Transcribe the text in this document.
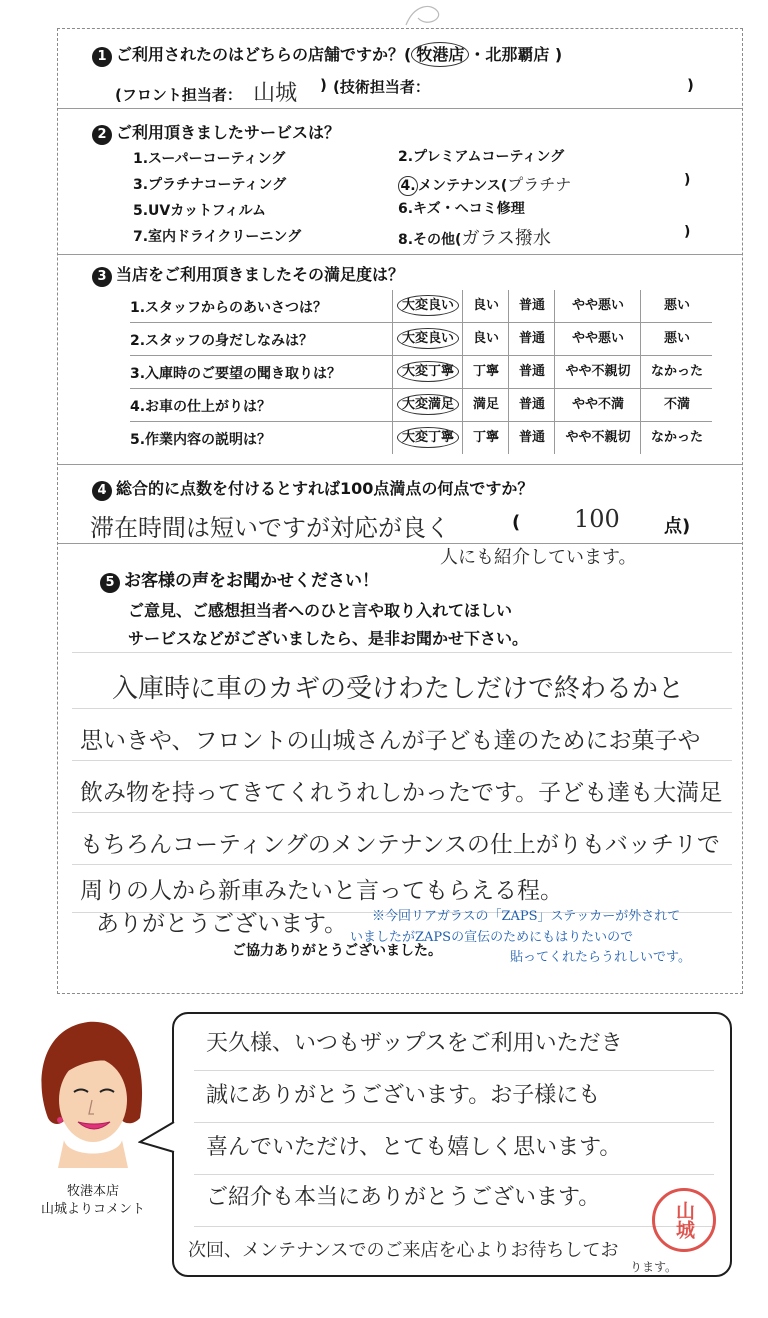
1 ご利用されたのはどちらの店舗ですか？( 牧港店 ・北那覇店 )
(フロント担当者： 山城 ) (技術担当者：	)
2 ご利用頂きましたサービスは？
1.スーパーコーティング	2.プレミアムコーティング
3.プラチナコーティング	4. メンテナンス(プラチナ	)
5.UVカットフィルム	6.キズ・ヘコミ修理
7.室内ドライクリーニング	8.その他(ガラス撥水	)
3 当店をご利用頂きましたその満足度は？
1.スタッフからのあいさつは？	大変良い	良い	普通	やや悪い	悪い
2.スタッフの身だしなみは？	大変良い	良い	普通	やや悪い	悪い
3.入庫時のご要望の聞き取りは？	大変丁寧	丁寧	普通	やや不親切	なかった
4.お車の仕上がりは？	大変満足	満足	普通	やや不満	不満
5.作業内容の説明は？	大変丁寧	丁寧	普通	やや不親切	なかった
4 総合的に点数を付けるとすれば100点満点の何点ですか？
滞在時間は短いですが対応が良く	( 100 点)
人にも紹介しています。
5 お客様の声をお聞かせください！
ご意見、ご感想担当者へのひと言や取り入れてほしい
サービスなどがございましたら、是非お聞かせ下さい。
入庫時に車のカギの受けわたしだけで終わるかと
思いきや、フロントの山城さんが子ども達のためにお菓子や
飲み物を持ってきてくれうれしかったです。子ども達も大満足
もちろんコーティングのメンテナンスの仕上がりもバッチリで
周りの人から新車みたいと言ってもらえる程。
ありがとうございます。 ※今回リアガラスの「ZAPS」ステッカーが外されて
いましたがZAPSの宣伝のためにもはりたいので
貼ってくれたらうれしいです。
ご協力ありがとうございました。
牧港本店
山城よりコメント
天久様、いつもザップスをご利用いただき
誠にありがとうございます。お子様にも
喜んでいただけ、とても嬉しく思います。
ご紹介も本当にありがとうございます。
次回、メンテナンスでのご来店を心よりお待ちしてお
ります。
山城
